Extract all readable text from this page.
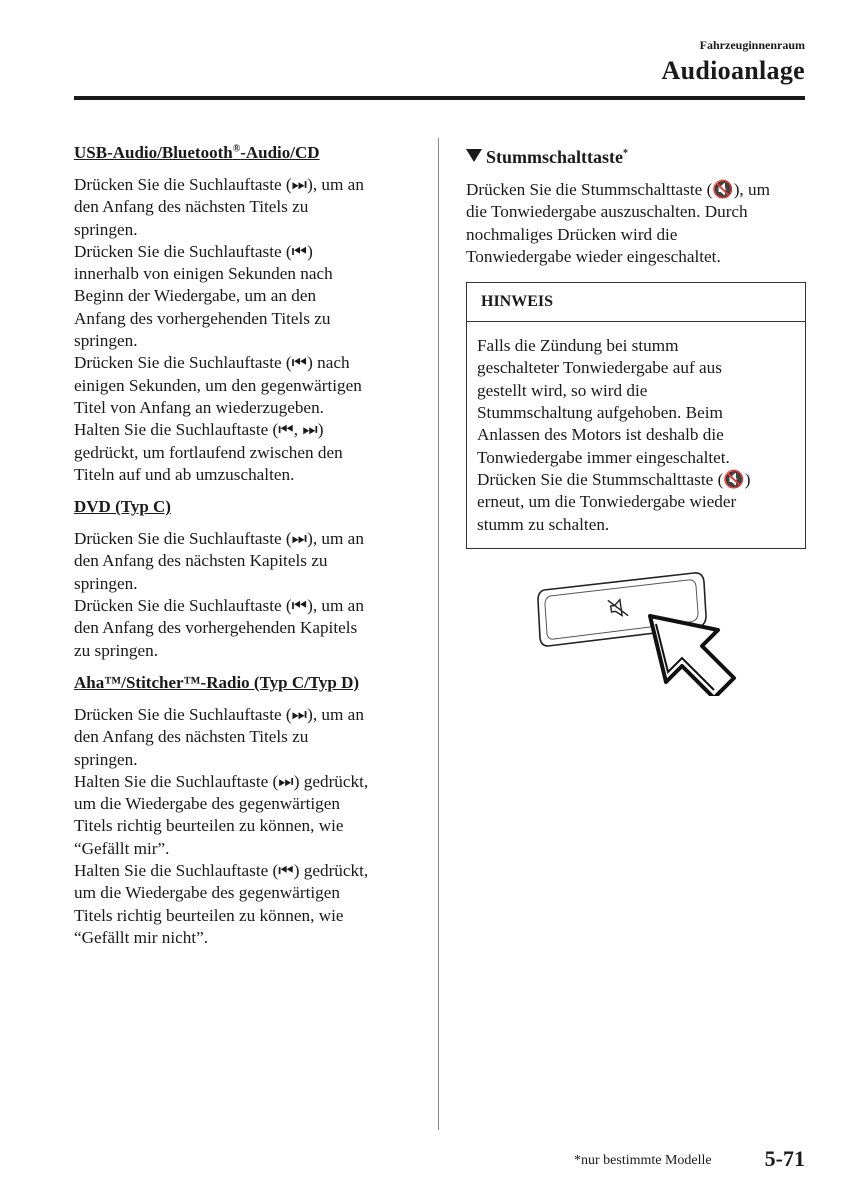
Fahrzeuginnenraum
Audioanlage
USB-Audio/Bluetooth®-Audio/CD
Drücken Sie die Suchlauftaste (⏭), um an
den Anfang des nächsten Titels zu
springen.
Drücken Sie die Suchlauftaste (⏮)
innerhalb von einigen Sekunden nach
Beginn der Wiedergabe, um an den
Anfang des vorhergehenden Titels zu
springen.
Drücken Sie die Suchlauftaste (⏮) nach
einigen Sekunden, um den gegenwärtigen
Titel von Anfang an wiederzugeben.
Halten Sie die Suchlauftaste (⏮, ⏭)
gedrückt, um fortlaufend zwischen den
Titeln auf und ab umzuschalten.
DVD (Typ C)
Drücken Sie die Suchlauftaste (⏭), um an
den Anfang des nächsten Kapitels zu
springen.
Drücken Sie die Suchlauftaste (⏮), um an
den Anfang des vorhergehenden Kapitels
zu springen.
Aha™/Stitcher™-Radio (Typ C/Typ D)
Drücken Sie die Suchlauftaste (⏭), um an
den Anfang des nächsten Titels zu
springen.
Halten Sie die Suchlauftaste (⏭) gedrückt,
um die Wiedergabe des gegenwärtigen
Titels richtig beurteilen zu können, wie
“Gefällt mir”.
Halten Sie die Suchlauftaste (⏮) gedrückt,
um die Wiedergabe des gegenwärtigen
Titels richtig beurteilen zu können, wie
“Gefällt mir nicht”.
Stummschalttaste*
Drücken Sie die Stummschalttaste (🔇), um
die Tonwiedergabe auszuschalten. Durch
nochmaliges Drücken wird die
Tonwiedergabe wieder eingeschaltet.
HINWEIS
Falls die Zündung bei stumm
geschalteter Tonwiedergabe auf aus
gestellt wird, so wird die
Stummschaltung aufgehoben. Beim
Anlassen des Motors ist deshalb die
Tonwiedergabe immer eingeschaltet.
Drücken Sie die Stummschalttaste (🔇)
erneut, um die Tonwiedergabe wieder
stumm zu schalten.
*nur bestimmte Modelle 5-71
